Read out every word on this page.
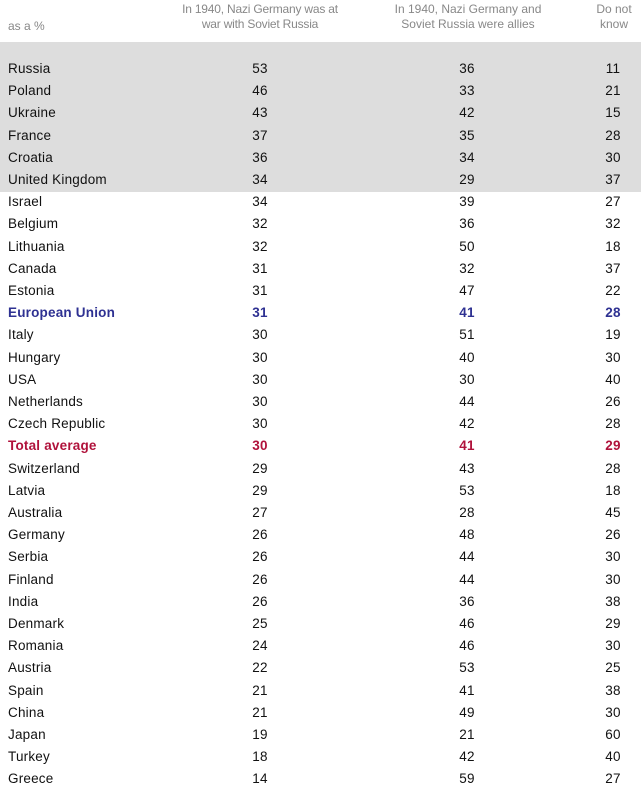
as a %
In 1940, Nazi Germany was at war with Soviet Russia
In 1940, Nazi Germany and Soviet Russia were allies
Do not know
Russia	53	36	11
Poland	46	33	21
Ukraine	43	42	15
France	37	35	28
Croatia	36	34	30
United Kingdom	34	29	37
Israel	34	39	27
Belgium	32	36	32
Lithuania	32	50	18
Canada	31	32	37
Estonia	31	47	22
European Union	31	41	28
Italy	30	51	19
Hungary	30	40	30
USA	30	30	40
Netherlands	30	44	26
Czech Republic	30	42	28
Total average	30	41	29
Switzerland	29	43	28
Latvia	29	53	18
Australia	27	28	45
Germany	26	48	26
Serbia	26	44	30
Finland	26	44	30
India	26	36	38
Denmark	25	46	29
Romania	24	46	30
Austria	22	53	25
Spain	21	41	38
China	21	49	30
Japan	19	21	60
Turkey	18	42	40
Greece	14	59	27
